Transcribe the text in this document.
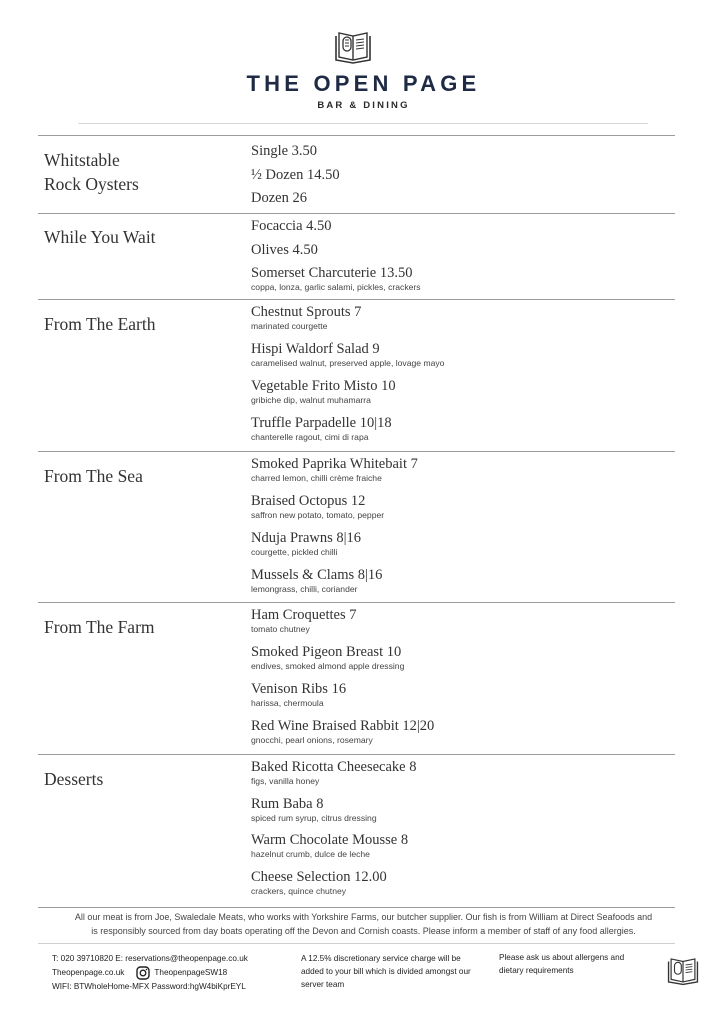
THE OPEN PAGE
BAR & DINING
Whitstable
Rock Oysters
Single 3.50
½ Dozen 14.50
Dozen 26
While You Wait
Focaccia 4.50
Olives 4.50
Somerset Charcuterie 13.50
coppa, lonza, garlic salami, pickles, crackers
From The Earth
Chestnut Sprouts 7
marinated courgette
Hispi Waldorf Salad 9
caramelised walnut, preserved apple, lovage mayo
Vegetable Frito Misto 10
gribiche dip, walnut muhamarra
Truffle Parpadelle 10|18
chanterelle ragout, cimi di rapa
From The Sea
Smoked Paprika Whitebait 7
charred lemon, chilli crème fraiche
Braised Octopus 12
saffron new potato, tomato, pepper
Nduja Prawns 8|16
courgette, pickled chilli
Mussels & Clams 8|16
lemongrass, chilli, coriander
From The Farm
Ham Croquettes 7
tomato chutney
Smoked Pigeon Breast 10
endives, smoked almond apple dressing
Venison Ribs 16
harissa, chermoula
Red Wine Braised Rabbit 12|20
gnocchi, pearl onions, rosemary
Desserts
Baked Ricotta Cheesecake 8
figs, vanilla honey
Rum Baba 8
spiced rum syrup, citrus dressing
Warm Chocolate Mousse 8
hazelnut crumb, dulce de leche
Cheese Selection 12.00
crackers, quince chutney
All our meat is from Joe, Swaledale Meats, who works with Yorkshire Farms, our butcher supplier. Our fish is from William at Direct Seafoods and
is responsibly sourced from day boats operating off the Devon and Cornish coasts. Please inform a member of staff of any food allergies.
T: 020 39710820 E: reservations@theopenpage.co.uk
Theopenpage.co.uk	TheopenpageSW18
WIFI: BTWholeHome-MFX Password:hgW4biKprEYL
A 12.5% discretionary service charge will be added to your bill which is divided amongst our server team
Please ask us about allergens and dietary requirements
